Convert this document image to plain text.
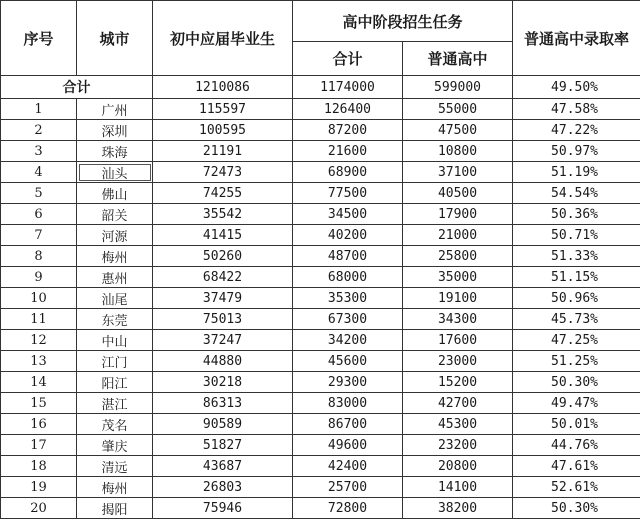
序号	城市	初中应届毕业生	高中阶段招生任务		普通高中录取率
			合计	普通高中	
合计		1210086	1174000	599000	49.50%
1	广州	115597	126400	55000	47.58%
2	深圳	100595	87200	47500	47.22%
3	珠海	21191	21600	10800	50.97%
4	汕头	72473	68900	37100	51.19%
5	佛山	74255	77500	40500	54.54%
6	韶关	35542	34500	17900	50.36%
7	河源	41415	40200	21000	50.71%
8	梅州	50260	48700	25800	51.33%
9	惠州	68422	68000	35000	51.15%
10	汕尾	37479	35300	19100	50.96%
11	东莞	75013	67300	34300	45.73%
12	中山	37247	34200	17600	47.25%
13	江门	44880	45600	23000	51.25%
14	阳江	30218	29300	15200	50.30%
15	湛江	86313	83000	42700	49.47%
16	茂名	90589	86700	45300	50.01%
17	肇庆	51827	49600	23200	44.76%
18	清远	43687	42400	20800	47.61%
19	梅州	26803	25700	14100	52.61%
20	揭阳	75946	72800	38200	50.30%
